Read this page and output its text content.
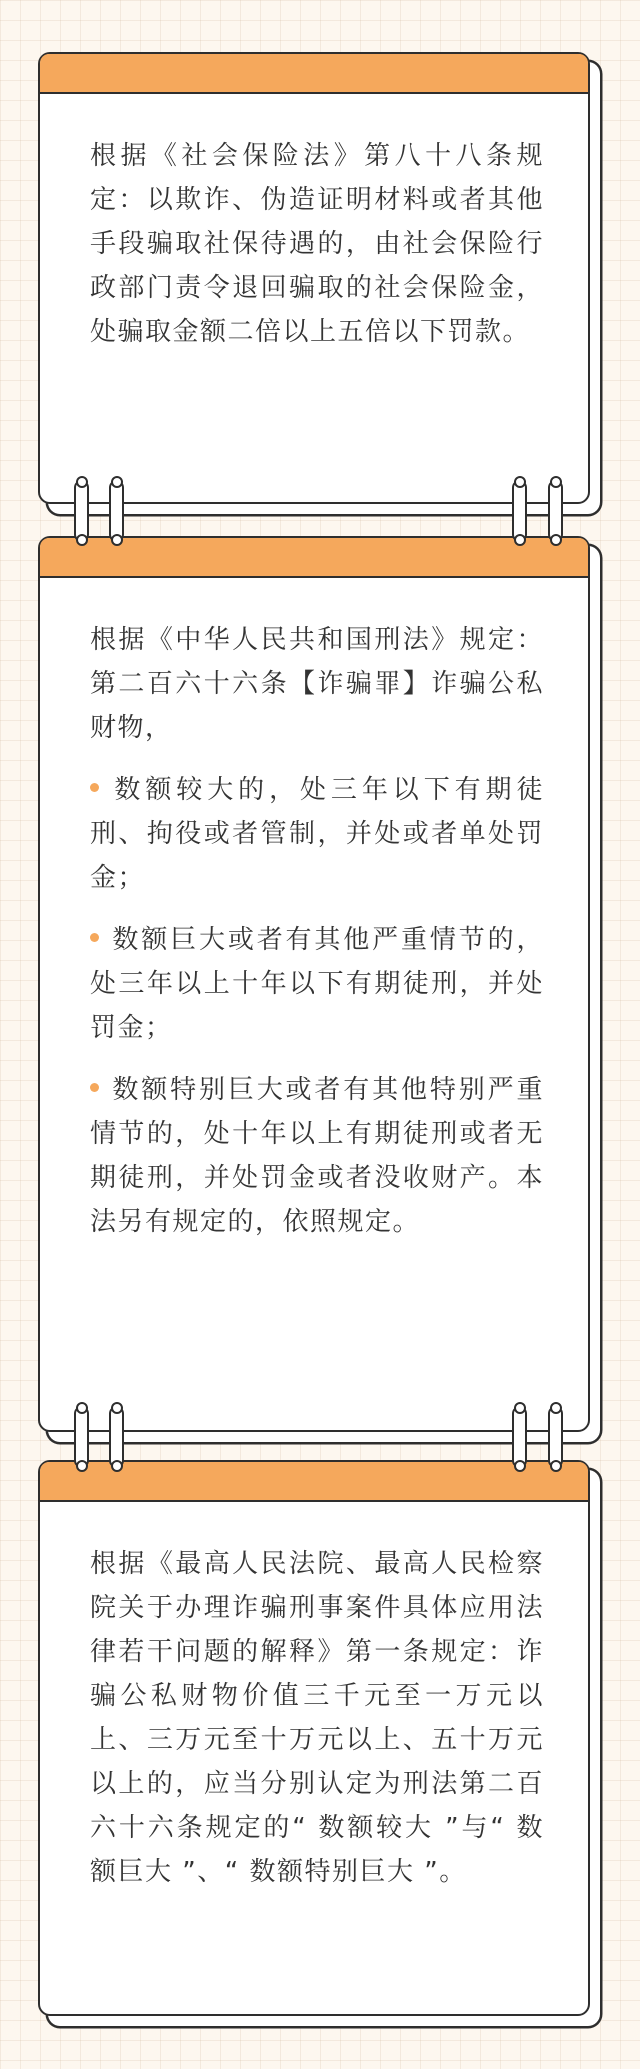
根据《社会保险法》第八十八条规定：以欺诈、伪造证明材料或者其他手段骗取社保待遇的，由社会保险行政部门责令退回骗取的社会保险金，处骗取金额二倍以上五倍以下罚款。

根据《中华人民共和国刑法》规定：第二百六十六条【诈骗罪】诈骗公私财物，

数额较大的，处三年以下有期徒刑、拘役或者管制，并处或者单处罚金；

数额巨大或者有其他严重情节的，处三年以上十年以下有期徒刑，并处罚金；

数额特别巨大或者有其他特别严重情节的，处十年以上有期徒刑或者无期徒刑，并处罚金或者没收财产。本法另有规定的，依照规定。

根据《最高人民法院、最高人民检察院关于办理诈骗刑事案件具体应用法律若干问题的解释》第一条规定：诈骗公私财物价值三千元至一万元以上、三万元至十万元以上、五十万元以上的，应当分别认定为刑法第二百六十六条规定的“ 数额较大 ”与“ 数额巨大 ”、“ 数额特别巨大 ”。
